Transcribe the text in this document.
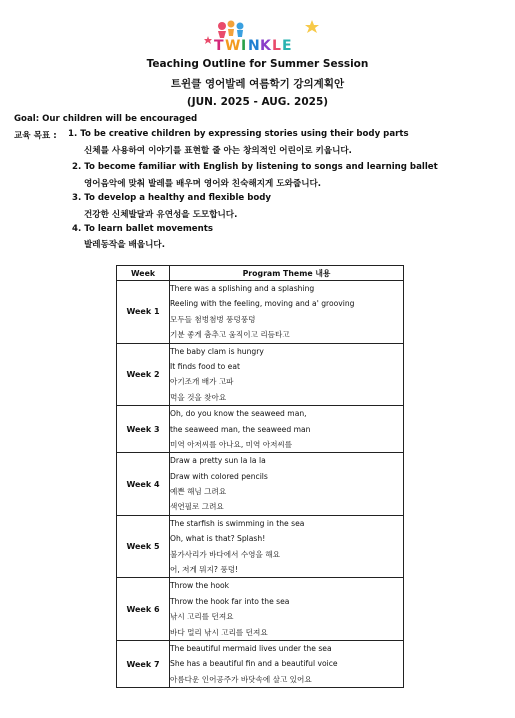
T W I N K L E
Teaching Outline for Summer Session
트윈클 영어발레 여름학기 강의계획안
(JUN. 2025 - AUG. 2025)
Goal: Our children will be encouraged
교육 목표 : 1. To be creative children by expressing stories using their body parts
신체를 사용하여 이야기를 표현할 줄 아는 창의적인 어린이로 키웁니다.
2. To become familiar with English by listening to songs and learning ballet
영어음악에 맞춰 발레를 배우며 영어와 친숙해지게 도와줍니다.
3. To develop a healthy and flexible body
건강한 신체발달과 유연성을 도모합니다.
4. To learn ballet movements
발레동작을 배웁니다.
Week	Program Theme 내용
Week 1	There was a splishing and a splashing
Reeling with the feeling, moving and a' grooving
모두들 첨벙첨벙 풍덩풍덩
기분 좋게 춤추고 움직이고 리듬타고

Week 2	The baby clam is hungry
It finds food to eat
아기조개 배가 고파
먹을 것을 찾아요

Week 3	Oh, do you know the seaweed man,
the seaweed man, the seaweed man
미역 아저씨를 아나요, 미역 아저씨를

Week 4	Draw a pretty sun la la la
Draw with colored pencils
예쁜 해님 그려요
색연필로 그려요

Week 5	The starfish is swimming in the sea
Oh, what is that? Splash!
불가사리가 바다에서 수영을 해요
어, 저게 뭐지? 풍덩!

Week 6	Throw the hook
Throw the hook far into the sea
낚시 고리를 던져요
바다 멀리 낚시 고리를 던져요

Week 7	The beautiful mermaid lives under the sea
She has a beautiful fin and a beautiful voice
아름다운 인어공주가 바닷속에 살고 있어요
